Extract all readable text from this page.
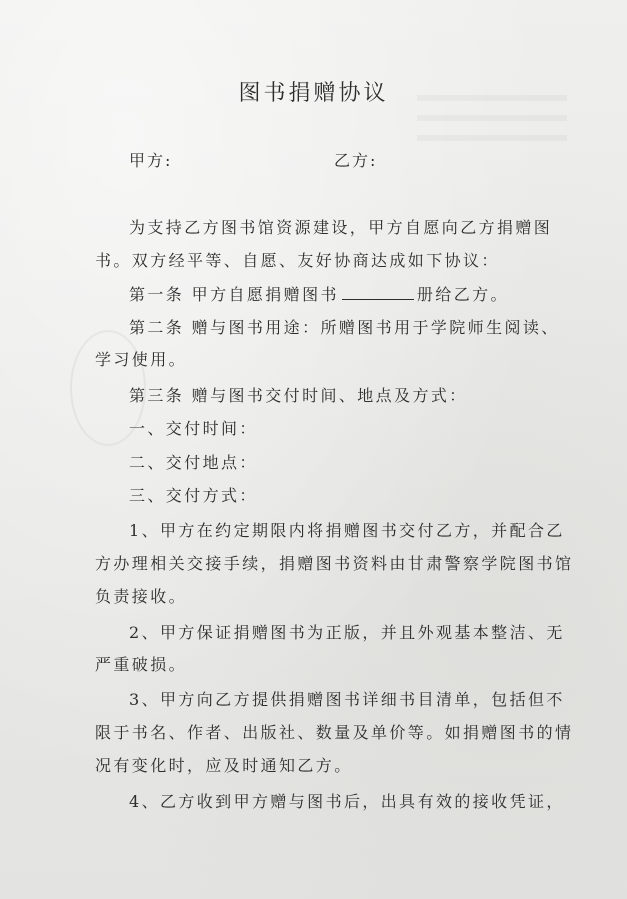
图书捐赠协议
甲方:	乙方:
为支持乙方图书馆资源建设，甲方自愿向乙方捐赠图
书。双方经平等、自愿、友好协商达成如下协议：
第一条 甲方自愿捐赠图书	册给乙方。
第二条 赠与图书用途：所赠图书用于学院师生阅读、
学习使用。
第三条 赠与图书交付时间、地点及方式：
一、交付时间：
二、交付地点：
三、交付方式：
1、甲方在约定期限内将捐赠图书交付乙方，并配合乙
方办理相关交接手续，捐赠图书资料由甘肃警察学院图书馆
负责接收。
2、甲方保证捐赠图书为正版，并且外观基本整洁、无
严重破损。
3、甲方向乙方提供捐赠图书详细书目清单，包括但不
限于书名、作者、出版社、数量及单价等。如捐赠图书的情
况有变化时，应及时通知乙方。
4、乙方收到甲方赠与图书后，出具有效的接收凭证，
